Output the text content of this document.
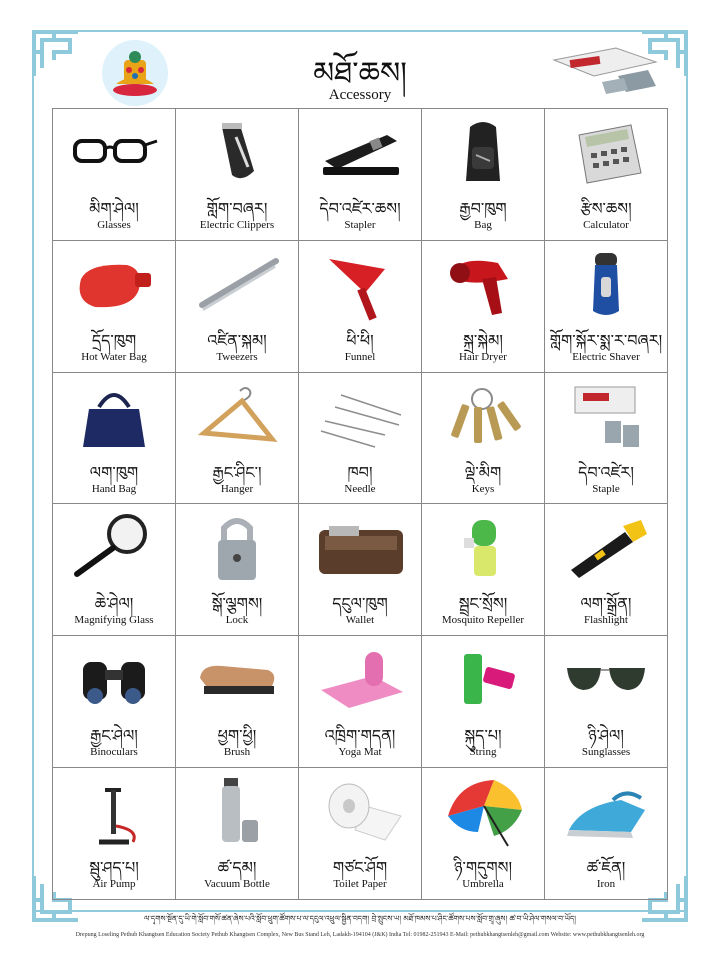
མཐོ་ཆས།
Accessory
མིག་ཤེལ།
Glasses
གློག་བཞར།
Electric Clippers
དེབ་འཛེར་ཆས།
Stapler
རྒྱབ་ཁུག
Bag
རྩིས་ཆས།
Calculator
དྲོད་ཁུག
Hot Water Bag
འཛིན་སྐམ།
Tweezers
ཕི་ཕི།
Funnel
སྐྲ་སྐེམ།
Hair Dryer
གློག་སྐོར་སྨ་ར་བཞར།
Electric Shaver
ལག་ཁུག
Hand Bag
རྒྱང་ཤིང་།
Hanger
ཁབ།
Needle
ལྡེ་མིག
Keys
དེབ་འཛེར།
Staple
ཆེ་ཤེལ།
Magnifying Glass
སྒོ་ལྕགས།
Lock
དངུལ་ཁུག
Wallet
སྦྲང་སྲོས།
Mosquito Repeller
ལག་སྒྲོན།
Flashlight
རྒྱང་ཤེལ།
Binoculars
ཕྱག་ཕྱི།
Brush
འཁྲིག་གདན།
Yoga Mat
སྐུད་པ།
String
ཉི་ཤེལ།
Sunglasses
སྦུ་ཤད་པ།
Air Pump
ཚ་དམ།
Vacuum Bottle
གཙང་ཤོག
Toilet Paper
ཉི་གདུགས།
Umbrella
ཚ་ཇོན།
Iron
ལ་དྭགས་སྔོན་དུ་ཡི་གེ་སློབ་གསོ་ཚན་ཞེས་པའི་སློབ་ཕྲུག་ཚོགས་པ་ལ་དངུལ་འཕྲུལ་སྦྱིན་བདག། བྲེ་སྤུངས་ཡ། མཐོ་ཁམས་པ་ཤིང་ཚོགས་པས་སློབ་གྲྭ་ཞུས། ཚ་བ་ཡི་ཤེལ་གསལ་བ་ཡོད།
Drepung Loseling Pethub Khangtsen Education Society Pethub Khangtsen Complex, New Bus Stand Leh, Ladakh-194104 (J&K) India Tel: 01982-251943 E-Mail: pethubkhangtsenleh@gmail.com Website: www.pethubkhangtsenleh.org
